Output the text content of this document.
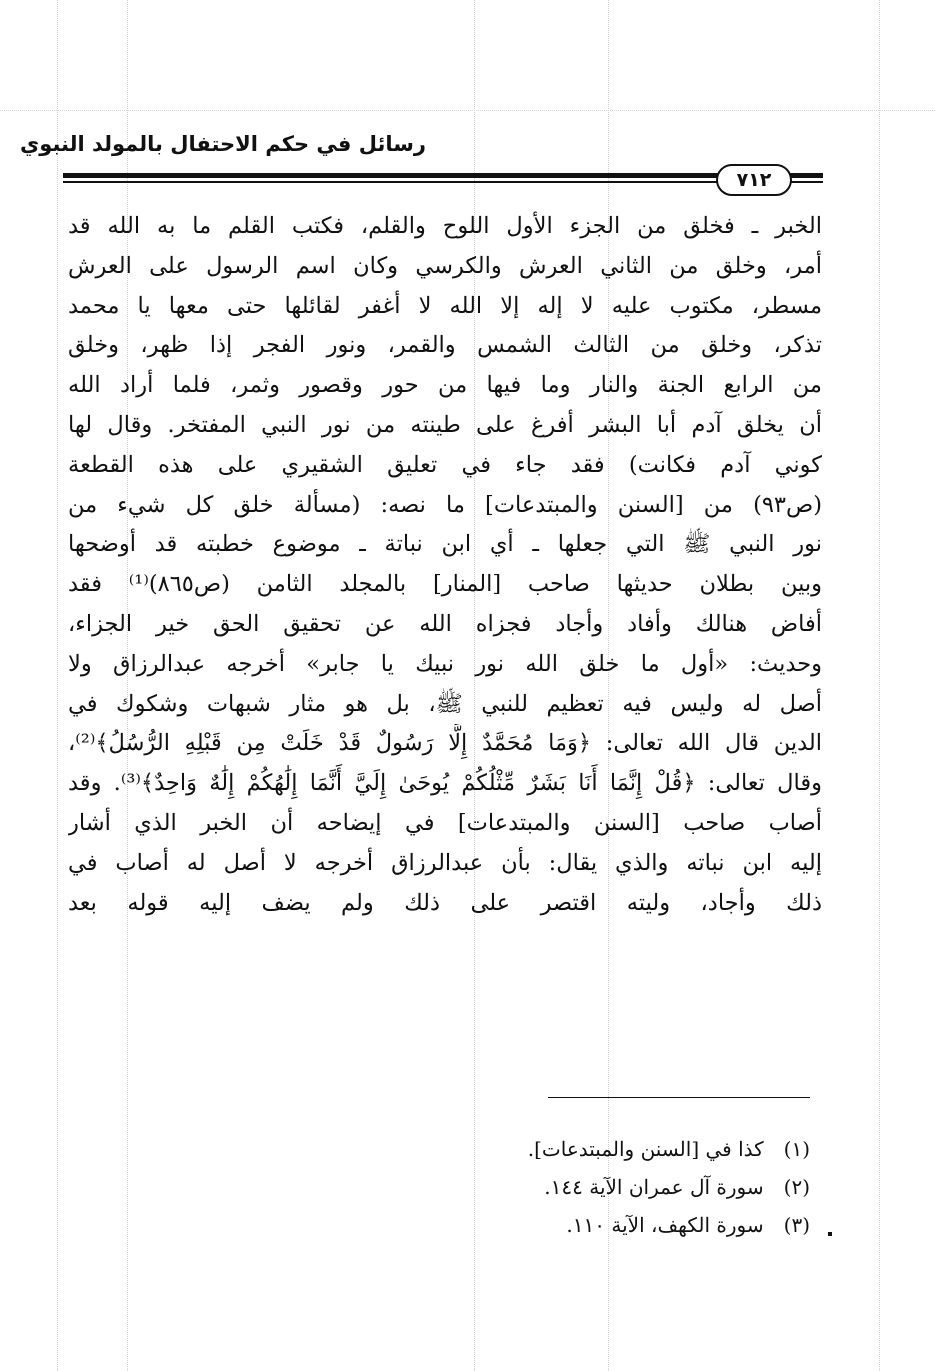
رسائل في حكم الاحتفال بالمولد النبوي
٧١٢
الخبر ـ فخلق من الجزء الأول اللوح والقلم، فكتب القلم ما به الله قد
أمر، وخلق من الثاني العرش والكرسي وكان اسم الرسول على العرش
مسطر، مكتوب عليه لا إله إلا الله لا أغفر لقائلها حتى معها يا محمد
تذكر، وخلق من الثالث الشمس والقمر، ونور الفجر إذا ظهر، وخلق
من الرابع الجنة والنار وما فيها من حور وقصور وثمر، فلما أراد الله
أن يخلق آدم أبا البشر أفرغ على طينته من نور النبي المفتخر. وقال لها
كوني آدم فكانت) فقد جاء في تعليق الشقيري على هذه القطعة
(ص٩٣) من [السنن والمبتدعات] ما نصه: (مسألة خلق كل شيء من
نور النبي ﷺ التي جعلها ـ أي ابن نباتة ـ موضوع خطبته قد أوضحها
وبين بطلان حديثها صاحب [المنار] بالمجلد الثامن (ص٨٦٥)⁽¹⁾ فقد
أفاض هنالك وأفاد وأجاد فجزاه الله عن تحقيق الحق خير الجزاء،
وحديث: «أول ما خلق الله نور نبيك يا جابر» أخرجه عبدالرزاق ولا
أصل له وليس فيه تعظيم للنبي ﷺ، بل هو مثار شبهات وشكوك في
الدين قال الله تعالى: ﴿وَمَا مُحَمَّدٌ إِلَّا رَسُولٌ قَدْ خَلَتْ مِن قَبْلِهِ الرُّسُلُ﴾⁽²⁾،
وقال تعالى: ﴿قُلْ إِنَّمَا أَنَا بَشَرٌ مِّثْلُكُمْ يُوحَىٰ إِلَيَّ أَنَّمَا إِلَٰهُكُمْ إِلَٰهٌ وَاحِدٌ﴾⁽³⁾. وقد
أصاب صاحب [السنن والمبتدعات] في إيضاحه أن الخبر الذي أشار
إليه ابن نباته والذي يقال: بأن عبدالرزاق أخرجه لا أصل له أصاب في
ذلك وأجاد، وليته اقتصر على ذلك ولم يضف إليه قوله بعد
(١) كذا في [السنن والمبتدعات].
(٢) سورة آل عمران الآية ١٤٤.
(٣) سورة الكهف، الآية ١١٠.
